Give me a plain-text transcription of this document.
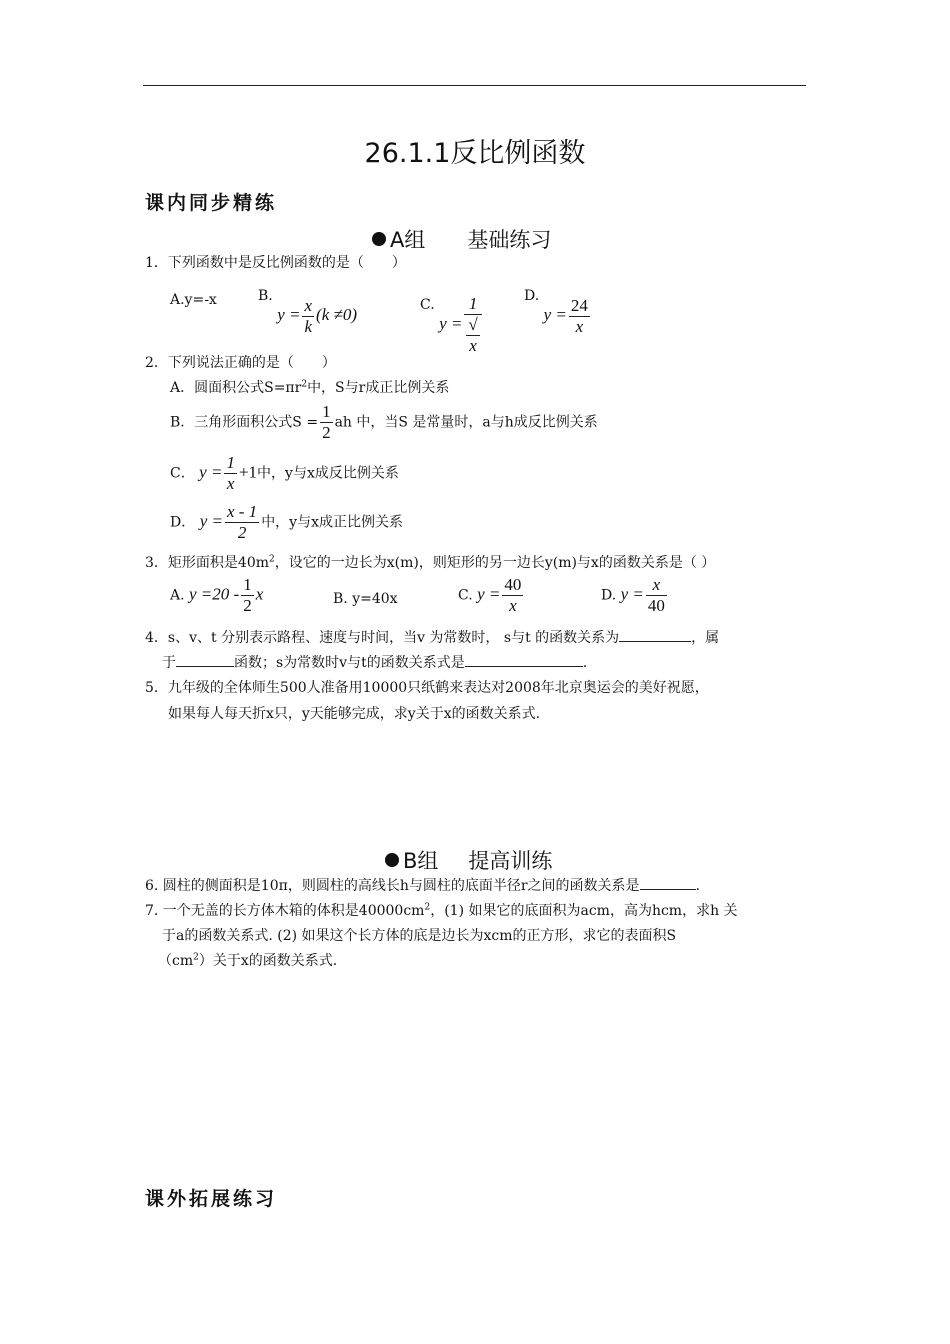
26.1.1反比例函数
课内同步精练
A组 基础练习
1．下列函数中是反比例函数的是（　　）
A.y=-x	B. $y = \frac{x}{k} (k \ne 0)$	C. y = 1
√
x	D. $y = \frac{24}{x}$
2．下列说法正确的是（　　）
A．圆面积公式$S=\pi r^2$中，S与r成正比例关系
B．三角形面积公式$S = \frac{1}{2}$ ah 中，当S 是常量时，a与h成反比例关系
C． $y = \frac{1}{x} +1$中，y与x成反比例关系
D． $y = \frac{x - 1}{2}$ 中，y与x成正比例关系
3．矩形面积是$40m^2$，设它的一边长为x(m)，则矩形的另一边长y(m)与x的函数关系是（ ）
A. $y =20 - \frac{1}{2}$ x	B. y=40x	C. $y = \frac{40}{x}$	D. $y = \frac{x}{40}$
4．s、v、t 分别表示路程、速度与时间，当v 为常数时， s与t 的函数关系为	，属
于	函数；s为常数时v与t的函数关系式是	.
5．九年级的全体师生500人准备用10000只纸鹤来表达对2008年北京奥运会的美好祝愿，
如果每人每天折x只，y天能够完成，求y关于x的函数关系式.
B组 提高训练
6. 圆柱的侧面积是10π，则圆柱的高线长h与圆柱的底面半径r之间的函数关系是	.
7. 一个无盖的长方体木箱的体积是$40000cm^2$，(1) 如果它的底面积为acm，高为hcm，求h 关
于a的函数关系式. (2) 如果这个长方体的底是边长为xcm的正方形，求它的表面积S
$(cm^2)$关于x的函数关系式.
课外拓展练习
